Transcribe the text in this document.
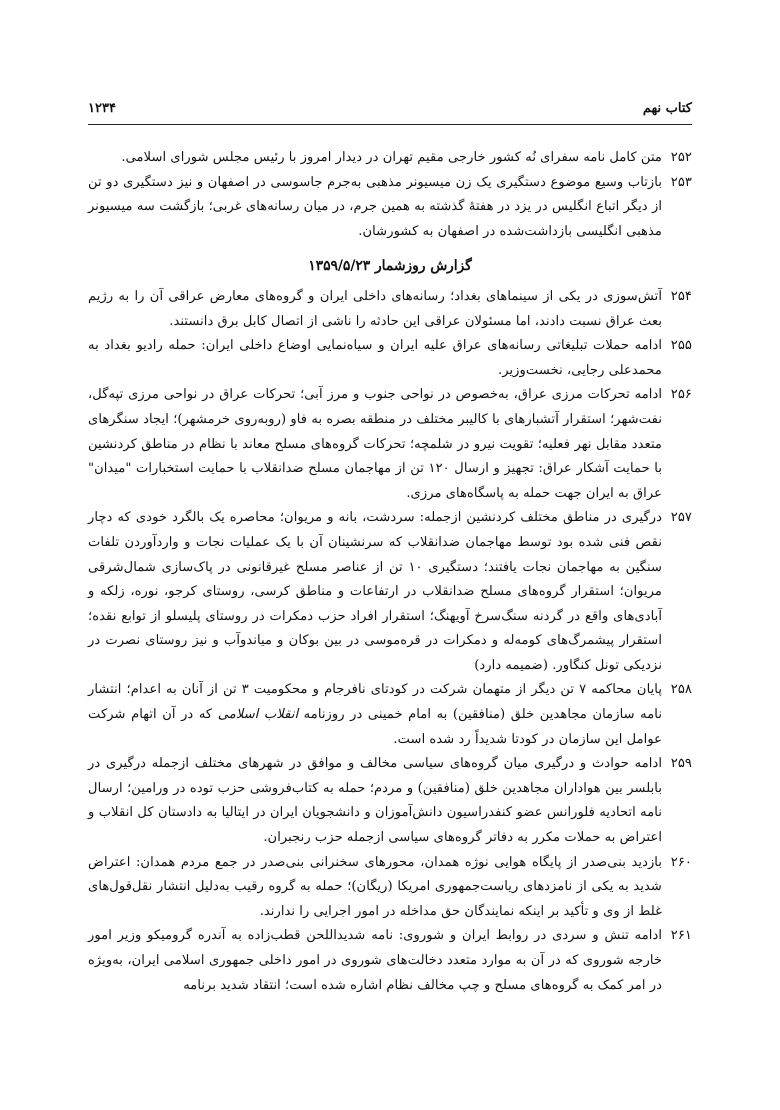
کتاب نهم
۱۲۳۴
۲۵۲
متن کامل نامه سفرای نُه کشور خارجی مقیم تهران در دیدار امروز با رئیس مجلس شورای اسلامی.
۲۵۳
بازتاب وسیع موضوع دستگیری یک زن میسیونر مذهبی به‌جرم جاسوسی در اصفهان و نیز دستگیری دو تن از دیگر اتباع انگلیس در یزد در هفتهٔ گذشته به همین جرم، در میان رسانه‌های غربی؛ بازگشت سه میسیونر مذهبی انگلیسی بازداشت‌شده در اصفهان به کشورشان.
گزارش روزشمار ۱۳۵۹/۵/۲۳
۲۵۴
آتش‌سوزی در یکی از سینماهای بغداد؛ رسانه‌های داخلی ایران و گروه‌های معارض عراقی آن را به رژیم بعث عراق نسبت دادند، اما مسئولان عراقی این حادثه را ناشی از اتصال کابل برق دانستند.
۲۵۵
ادامه حملات تبلیغاتی رسانه‌های عراق علیه ایران و سیاه‌نمایی اوضاع داخلی ایران: حمله رادیو بغداد به محمدعلی رجایی، نخست‌وزیر.
۲۵۶
ادامه تحرکات مرزی عراق، به‌خصوص در نواحی جنوب و مرز آبی؛ تحرکات عراق در نواحی مرزی تپه‌گل، نفت‌شهر؛ استقرار آتشبارهای با کالیبر مختلف در منطقه بصره به فاو (روبه‌روی خرمشهر)؛ ایجاد سنگرهای متعدد مقابل نهر فعلیه؛ تقویت نیرو در شلمچه؛ تحرکات گروه‌های مسلح معاند با نظام در مناطق کردنشین با حمایت آشکار عراق: تجهیز و ارسال ۱۲۰ تن از مهاجمان مسلح ضدانقلاب با حمایت استخبارات "میدان" عراق به ایران جهت حمله به پاسگاه‌های مرزی.
۲۵۷
درگیری در مناطق مختلف کردنشین ازجمله: سردشت، بانه و مریوان؛ محاصره یک بالگرد خودی که دچار نقص فنی شده بود توسط مهاجمان ضدانقلاب که سرنشینان آن با یک عملیات نجات و واردآوردن تلفات سنگین به مهاجمان نجات یافتند؛ دستگیری ۱۰ تن از عناصر مسلح غیرقانونی در پاک‌سازی شمال‌شرقی مریوان؛ استقرار گروه‌های مسلح ضدانقلاب در ارتفاعات و مناطق کرسی، روستای کرجو، نوره، زلکه و آبادی‌های واقع در گردنه سنگ‌سرخ آویهنگ؛ استقرار افراد حزب دمکرات در روستای پلیسلو از توابع نقده؛ استقرار پیشمرگ‌های کومه‌له و دمکرات در قره‌موسی در بین بوکان و میاندوآب و نیز روستای نصرت در نزدیکی تونل کنگاور. (ضمیمه دارد)
۲۵۸
پایان محاکمه ۷ تن دیگر از متهمان شرکت در کودتای نافرجام و محکومیت ۳ تن از آنان به اعدام؛ انتشار نامه سازمان مجاهدین خلق (منافقین) به امام خمینی در روزنامه انقلاب اسلامی که در آن اتهام شرکت عوامل این سازمان در کودتا شدیداً رد شده است.
۲۵۹
ادامه حوادث و درگیری میان گروه‌های سیاسی مخالف و موافق در شهرهای مختلف ازجمله درگیری در بابلسر بین هواداران مجاهدین خلق (منافقین) و مردم؛ حمله به کتاب‌فروشی حزب توده در ورامین؛ ارسال نامه اتحادیه فلورانس عضو کنفدراسیون دانش‌آموزان و دانشجویان ایران در ایتالیا به دادستان کل انقلاب و اعتراض به حملات مکرر به دفاتر گروه‌های سیاسی ازجمله حزب رنجبران.
۲۶۰
بازدید بنی‌صدر از پایگاه هوایی نوژه همدان، محورهای سخنرانی بنی‌صدر در جمع مردم همدان: اعتراض شدید به یکی از نامزدهای ریاست‌جمهوری امریکا (ریگان)؛ حمله به گروه رقیب به‌دلیل انتشار نقل‌قول‌های غلط از وی و تأکید بر اینکه نمایندگان حق مداخله در امور اجرایی را ندارند.
۲۶۱
ادامه تنش و سردی در روابط ایران و شوروی: نامه شدیداللحن قطب‌زاده به آندره گرومیکو وزیر امور خارجه شوروی که در آن به موارد متعدد دخالت‌های شوروی در امور داخلی جمهوری اسلامی ایران، به‌ویژه در امر کمک به گروه‌های مسلح و چپ مخالف نظام اشاره شده است؛ انتقاد شدید برنامه
